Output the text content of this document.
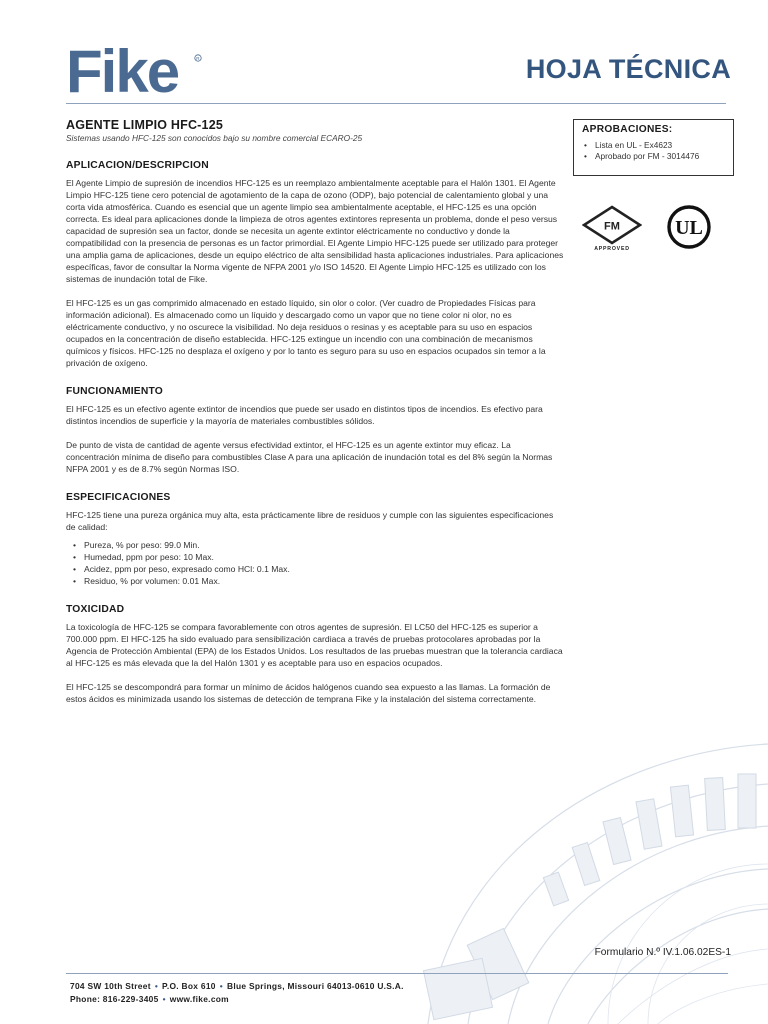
Fike	R	HOJA TÉCNICA
APROBACIONES:
• Lista en UL - Ex4623
• Aprobado por FM - 3014476
FM
APPROVED
UL
AGENTE LIMPIO HFC-125
Sistemas usando HFC-125 son conocidos bajo su nombre comercial ECARO-25
APLICACION/DESCRIPCION

El Agente Limpio de supresión de incendios HFC-125 es un reemplazo ambientalmente aceptable para el Halón 1301. El Agente Limpio HFC-125 tiene cero potencial de agotamiento de la capa de ozono (ODP), bajo potencial de calentamiento global y una corta vida atmosférica. Cuando es esencial que un agente limpio sea ambientalmente aceptable, el HFC-125 es una opción correcta. Es ideal para aplicaciones donde la limpieza de otros agentes extintores representa un problema, donde el peso versus capacidad de supresión sea un factor, donde se necesita un agente extintor eléctricamente no conductivo y donde la compatibilidad con la presencia de personas es un factor primordial. El Agente Limpio HFC-125 puede ser utilizado para proteger una amplia gama de aplicaciones, desde un equipo eléctrico de alta sensibilidad hasta aplicaciones industriales. Para aplicaciones específicas, favor de consultar la Norma vigente de NFPA 2001 y/o ISO 14520. El Agente Limpio HFC-125 es utilizado con los sistemas de inundación total de Fike.

El HFC-125 es un gas comprimido almacenado en estado líquido, sin olor o color. (Ver cuadro de Propiedades Físicas para información adicional). Es almacenado como un líquido y descargado como un vapor que no tiene color ni olor, no es eléctricamente conductivo, y no oscurece la visibilidad. No deja residuos o resinas y es aceptable para su uso en espacios ocupados en la concentración de diseño establecida. HFC-125 extingue un incendio con una combinación de mecanismos químicos y físicos. HFC-125 no desplaza el oxígeno y por lo tanto es seguro para su uso en espacios ocupados sin temor a la privación de oxígeno.

FUNCIONAMIENTO

El HFC-125 es un efectivo agente extintor de incendios que puede ser usado en distintos tipos de incendios. Es efectivo para distintos incendios de superficie y la mayoría de materiales combustibles sólidos.

De punto de vista de cantidad de agente versus efectividad extintor, el HFC-125 es un agente extintor muy eficaz. La concentración mínima de diseño para combustibles Clase A para una aplicación de inundación total es del 8% según la Normas NFPA 2001 y es de 8.7% según Normas ISO.

ESPECIFICACIONES

HFC-125 tiene una pureza orgánica muy alta, esta prácticamente libre de residuos y cumple con las siguientes especificaciones de calidad:

• Pureza, % por peso: 99.0 Min.
• Humedad, ppm por peso: 10 Max.
• Acidez, ppm por peso, expresado como HCl: 0.1 Max.
• Residuo, % por volumen: 0.01 Max.
TOXICIDAD

La toxicología de HFC-125 se compara favorablemente con otros agentes de supresión. El LC50 del HFC-125 es superior a 700.000 ppm. El HFC-125 ha sido evaluado para sensibilización cardiaca a través de pruebas protocolares aprobadas por la Agencia de Protección Ambiental (EPA) de los Estados Unidos. Los resultados de las pruebas muestran que la tolerancia cardiaca al HFC-125 es más elevada que la del Halón 1301 y es aceptable para uso en espacios ocupados.

El HFC-125 se descompondrá para formar un mínimo de ácidos halógenos cuando sea expuesto a las llamas. La formación de estos ácidos es minimizada usando los sistemas de detección de temprana Fike y la instalación del sistema correctamente.

Formulario N.º IV.1.06.02ES-1
704 SW 10th Street • P.O. Box 610 • Blue Springs, Missouri 64013-0610 U.S.A.
Phone: 816-229-3405 • www.fike.com
